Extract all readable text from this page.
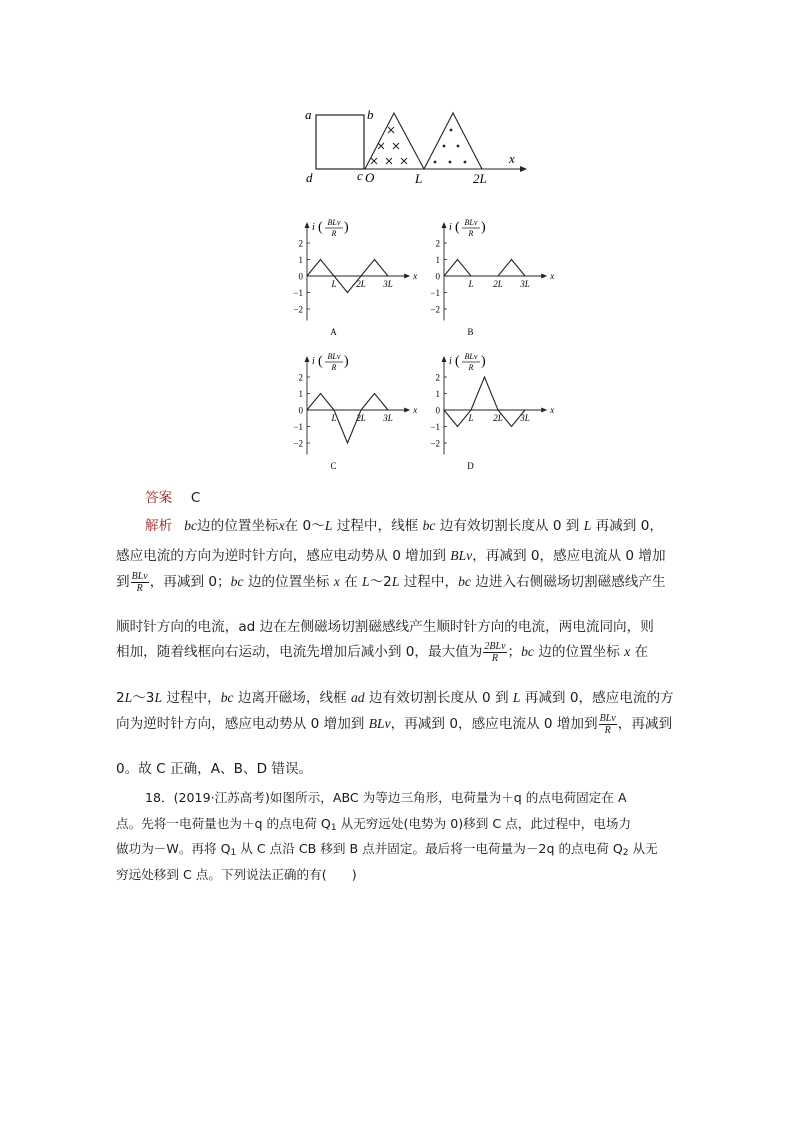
a	b
d	c O	L	2L
x
2
1
0
−1
−2
L 2L 3L
x
i ( BLv
R )
A
2
1
0
−1
−2
L 2L 3L
x
i ( BLv
R )
B
2
1
0
−1
−2
L 2L 3L
x
i ( BLv
R )
C
2
1
0
−1
−2
L 2L 3L
x
i ( BLv
R )
D
答案 C
解析 bc边的位置坐标x在 0～L 过程中，线框 bc 边有效切割长度从 0 到 L 再减到 0，
感应电流的方向为逆时针方向，感应电动势从 0 增加到 BLv，再减到 0，感应电流从 0 增加
到 $\frac{\text{BLv}}{R}$ ，再减到 0；bc 边的位置坐标 x 在 L～2L 过程中，bc 边进入右侧磁场切割磁感线产生
顺时针方向的电流，ad 边在左侧磁场切割磁感线产生顺时针方向的电流，两电流同向，则
相加，随着线框向右运动，电流先增加后减小到 0，最大值为 $\frac{\text{2BLv}}{R}$ ；bc 边的位置坐标 x 在
2L～3L 过程中，bc 边离开磁场，线框 ad 边有效切割长度从 0 到 L 再减到 0，感应电流的方
向为逆时针方向，感应电动势从 0 增加到 BLv，再减到 0，感应电流从 0 增加到 $\frac{\text{BLv}}{R}$ ，再减到
0。故 C 正确，A、B、D 错误。
18．(2019·江苏高考)如图所示，ABC 为等边三角形，电荷量为＋q 的点电荷固定在 A
点。先将一电荷量也为＋q 的点电荷 $Q_1$ 从无穷远处(电势为 0)移到 C 点，此过程中，电场力
做功为－W。再将 $Q_1$ 从 C 点沿 CB 移到 B 点并固定。最后将一电荷量为－2q 的点电荷 $Q_2$ 从无
穷远处移到 C 点。下列说法正确的有(　　)
